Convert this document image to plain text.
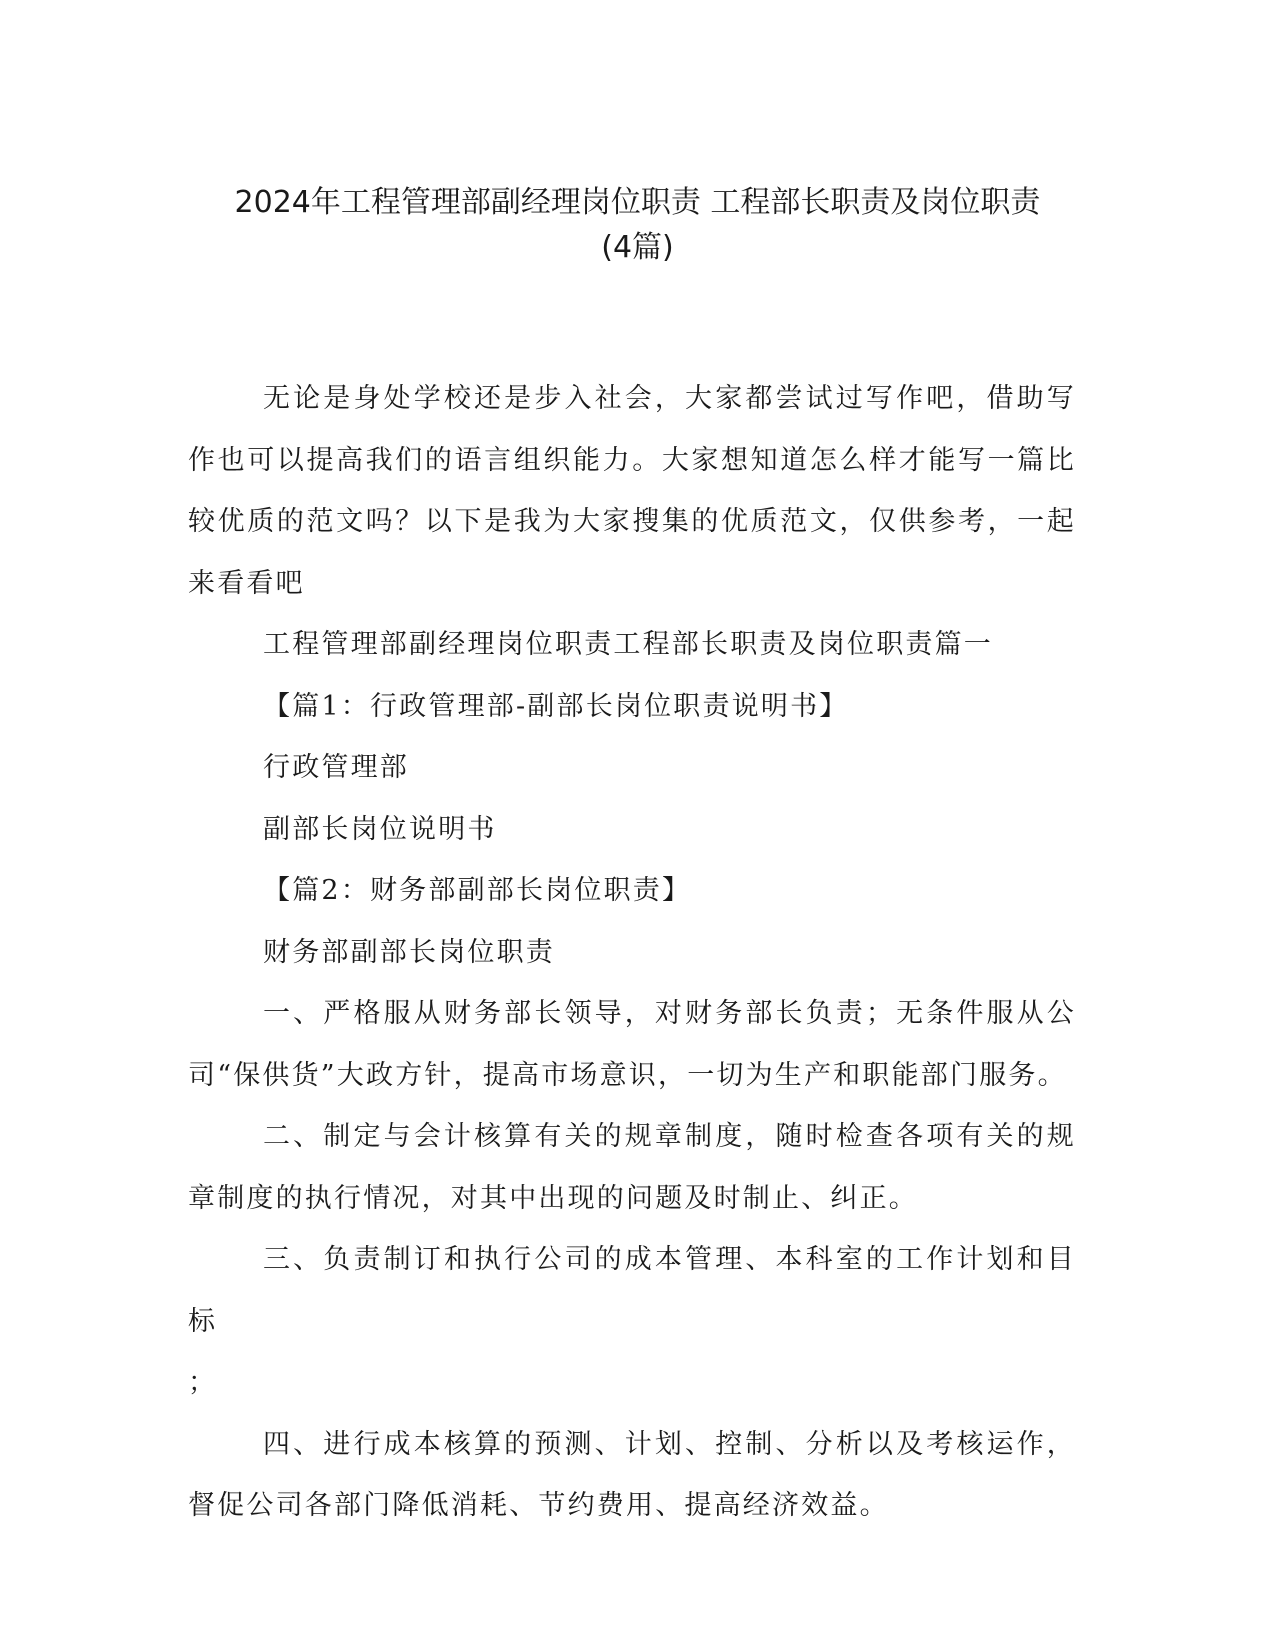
2024年工程管理部副经理岗位职责 工程部长职责及岗位职责
(4篇)

无论是身处学校还是步入社会，大家都尝试过写作吧，借助写作也可以提高我们的语言组织能力。大家想知道怎么样才能写一篇比较优质的范文吗？以下是我为大家搜集的优质范文，仅供参考，一起来看看吧

工程管理部副经理岗位职责工程部长职责及岗位职责篇一

【篇1：行政管理部-副部长岗位职责说明书】

行政管理部

副部长岗位说明书

【篇2：财务部副部长岗位职责】

财务部副部长岗位职责

一、严格服从财务部长领导，对财务部长负责；无条件服从公司“保供货”大政方针，提高市场意识，一切为生产和职能部门服务。

二、制定与会计核算有关的规章制度，随时检查各项有关的规章制度的执行情况，对其中出现的问题及时制止、纠正。

三、负责制订和执行公司的成本管理、本科室的工作计划和目标

；

四、进行成本核算的预测、计划、控制、分析以及考核运作，督促公司各部门降低消耗、节约费用、提高经济效益。
